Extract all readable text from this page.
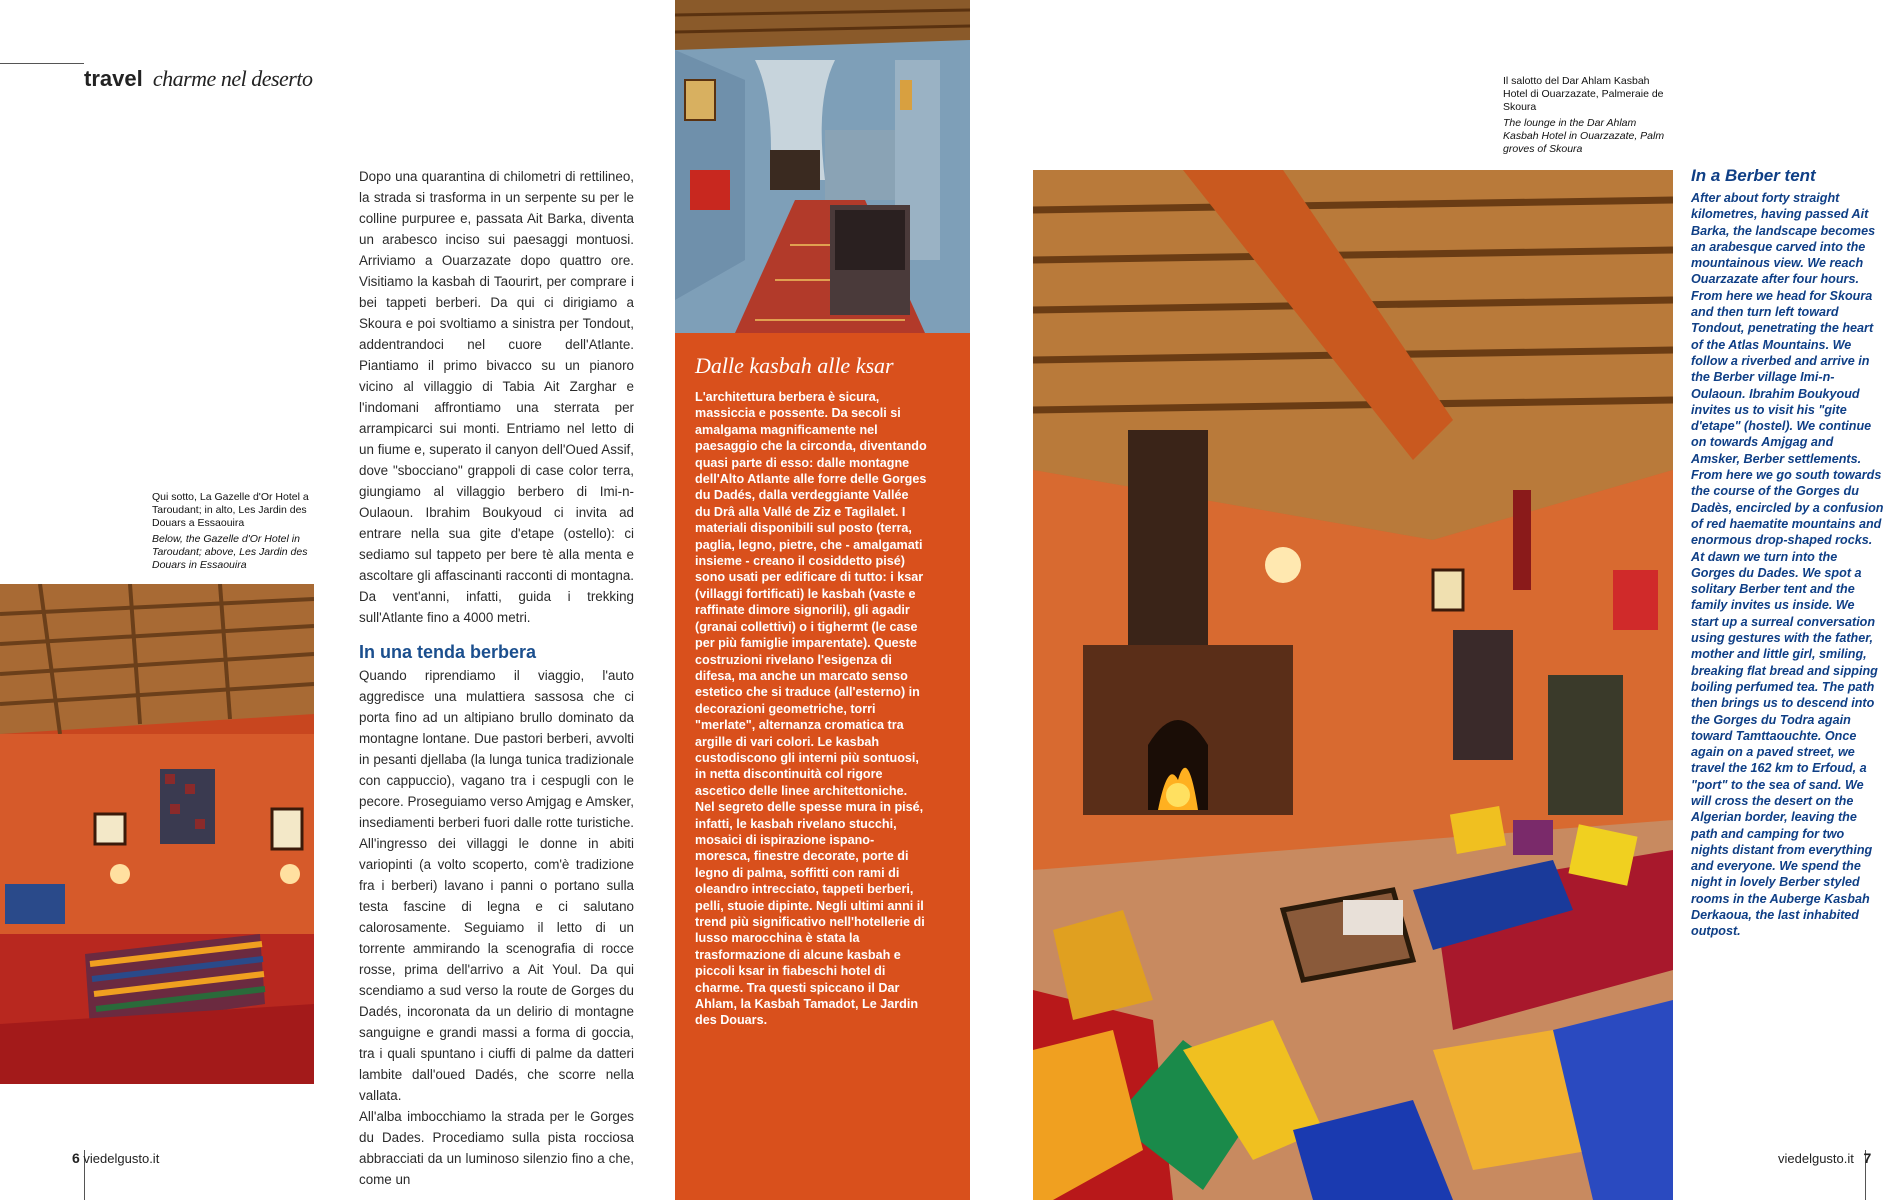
travel charme nel deserto
Qui sotto, La Gazelle d'Or Hotel a Taroudant; in alto, Les Jardin des Douars a Essaouira
Below, the Gazelle d'Or Hotel in Taroudant; above, Les Jardin des Douars in Essaouira

Dopo una quarantina di chilometri di rettilineo, la strada si trasforma in un serpente su per le colline purpuree e, passata Ait Barka, diventa un arabesco inciso sui paesaggi montuosi. Arriviamo a Ouarzazate dopo quattro ore. Visitiamo la kasbah di Taourirt, per comprare i bei tappeti berberi. Da qui ci dirigiamo a Skoura e poi svoltiamo a sinistra per Tondout, addentrandoci nel cuore dell'Atlante. Piantiamo il primo bivacco su un pianoro vicino al villaggio di Tabia Ait Zarghar e l'indomani affrontiamo una sterrata per arrampicarci sui monti. Entriamo nel letto di un fiume e, superato il canyon dell'Oued Assif, dove "sbocciano" grappoli di case color terra, giungiamo al villaggio berbero di Imi-n-Oulaoun. Ibrahim Boukyoud ci invita ad entrare nella sua gite d'etape (ostello): ci sediamo sul tappeto per bere tè alla menta e ascoltare gli affascinanti racconti di montagna. Da vent'anni, infatti, guida i trekking sull'Atlante fino a 4000 metri.

In una tenda berbera

Quando riprendiamo il viaggio, l'auto aggredisce una mulattiera sassosa che ci porta fino ad un altipiano brullo dominato da montagne lontane. Due pastori berberi, avvolti in pesanti djellaba (la lunga tunica tradizionale con cappuccio), vagano tra i cespugli con le pecore. Proseguiamo verso Amjgag e Amsker, insediamenti berberi fuori dalle rotte turistiche. All'ingresso dei villaggi le donne in abiti variopinti (a volto scoperto, com'è tradizione fra i berberi) lavano i panni o portano sulla testa fascine di legna e ci salutano calorosamente. Seguiamo il letto di un torrente ammirando la scenografia di rocce rosse, prima dell'arrivo a Ait Youl. Da qui scendiamo a sud verso la route de Gorges du Dadés, incoronata da un delirio di montagne sanguigne e grandi massi a forma di goccia, tra i quali spuntano i ciuffi di palme da datteri lambite dall'oued Dadés, che scorre nella vallata.

All'alba imbocchiamo la strada per le Gorges du Dades. Procediamo sulla pista rocciosa abbracciati da un luminoso silenzio fino a che, come un

Dalle kasbah alle ksar
L'architettura berbera è sicura, massiccia e possente. Da secoli si amalgama magnificamente nel paesaggio che la circonda, diventando quasi parte di esso: dalle montagne dell'Alto Atlante alle forre delle Gorges du Dadés, dalla verdeggiante Vallée du Drâ alla Vallé de Ziz e Tagilalet. I materiali disponibili sul posto (terra, paglia, legno, pietre, che - amalgamati insieme - creano il cosiddetto pisé) sono usati per edificare di tutto: i ksar (villaggi fortificati) le kasbah (vaste e raffinate dimore signorili), gli agadir (granai collettivi) o i tighermt (le case per più famiglie imparentate). Queste costruzioni rivelano l'esigenza di difesa, ma anche un marcato senso estetico che si traduce (all'esterno) in decorazioni geometriche, torri "merlate", alternanza cromatica tra argille di vari colori. Le kasbah custodiscono gli interni più sontuosi, in netta discontinuità col rigore ascetico delle linee architettoniche. Nel segreto delle spesse mura in pisé, infatti, le kasbah rivelano stucchi, mosaici di ispirazione ispano-moresca, finestre decorate, porte di legno di palma, soffitti con rami di oleandro intrecciato, tappeti berberi, pelli, stuoie dipinte. Negli ultimi anni il trend più significativo nell'hotellerie di lusso marocchina è stata la trasformazione di alcune kasbah e piccoli ksar in fiabeschi hotel di charme. Tra questi spiccano il Dar Ahlam, la Kasbah Tamadot, Le Jardin des Douars.
Il salotto del Dar Ahlam Kasbah Hotel di Ouarzazate, Palmeraie de Skoura
The lounge in the Dar Ahlam Kasbah Hotel in Ouarzazate, Palm groves of Skoura
In a Berber tent
After about forty straight kilometres, having passed Ait Barka, the landscape becomes an arabesque carved into the mountainous view. We reach Ouarzazate after four hours. From here we head for Skoura and then turn left toward Tondout, penetrating the heart of the Atlas Mountains. We follow a riverbed and arrive in the Berber village Imi-n-Oulaoun. Ibrahim Boukyoud invites us to visit his "gite d'etape" (hostel). We continue on towards Amjgag and Amsker, Berber settlements. From here we go south towards the course of the Gorges du Dadès, encircled by a confusion of red haematite mountains and enormous drop-shaped rocks. At dawn we turn into the Gorges du Dades. We spot a solitary Berber tent and the family invites us inside. We start up a surreal conversation using gestures with the father, mother and little girl, smiling, breaking flat bread and sipping boiling perfumed tea. The path then brings us to descend into the Gorges du Todra again toward Tamttaouchte. Once again on a paved street, we travel the 162 km to Erfoud, a "port" to the sea of sand. We will cross the desert on the Algerian border, leaving the path and camping for two nights distant from everything and everyone. We spend the night in lovely Berber styled rooms in the Auberge Kasbah Derkaoua, the last inhabited outpost.
6 viedelgusto.it	viedelgusto.it 7
